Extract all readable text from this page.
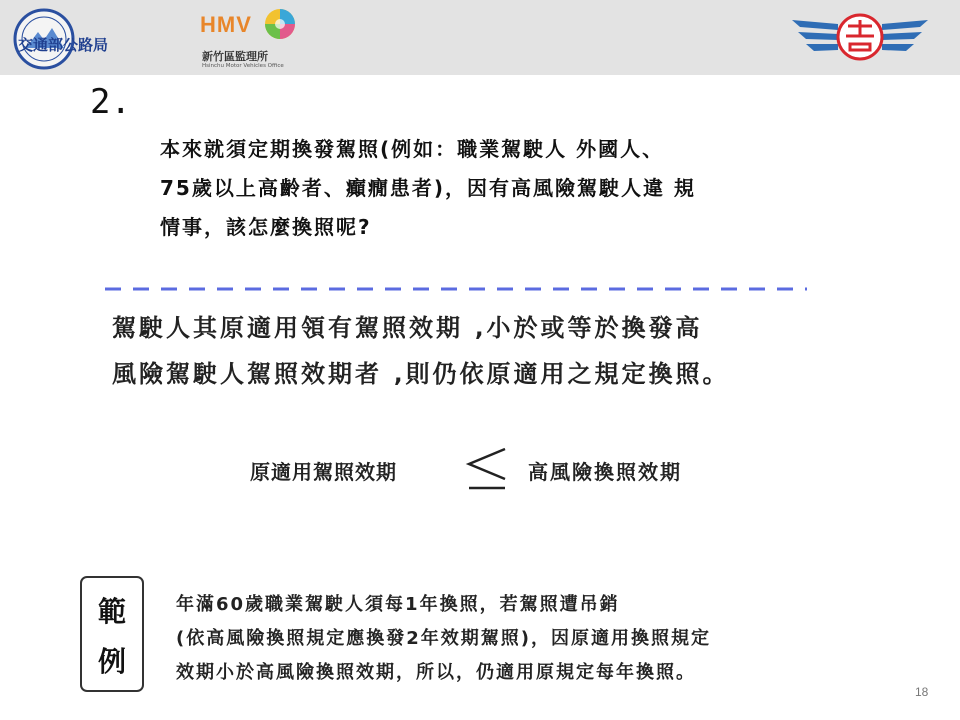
交通部公路局
HMV
新竹區監理所
Hsinchu Motor Vehicles Office
2.
本來就須定期換發駕照(例如：職業駕駛人 外國人、
75歲以上高齡者、癲癇患者)，因有高風險駕駛人違 規
情事，該怎麼換照呢?
駕駛人其原適用領有駕照效期 ‚小於或等於換發高
風險駕駛人駕照效期者 ‚則仍依原適用之規定換照。
原適用駕照效期	高風險換照效期
範
例
年滿60歲職業駕駛人須每1年換照，若駕照遭吊銷
(依高風險換照規定應換發2年效期駕照)，因原適用換照規定
效期小於高風險換照效期，所以，仍適用原規定每年換照。
18
